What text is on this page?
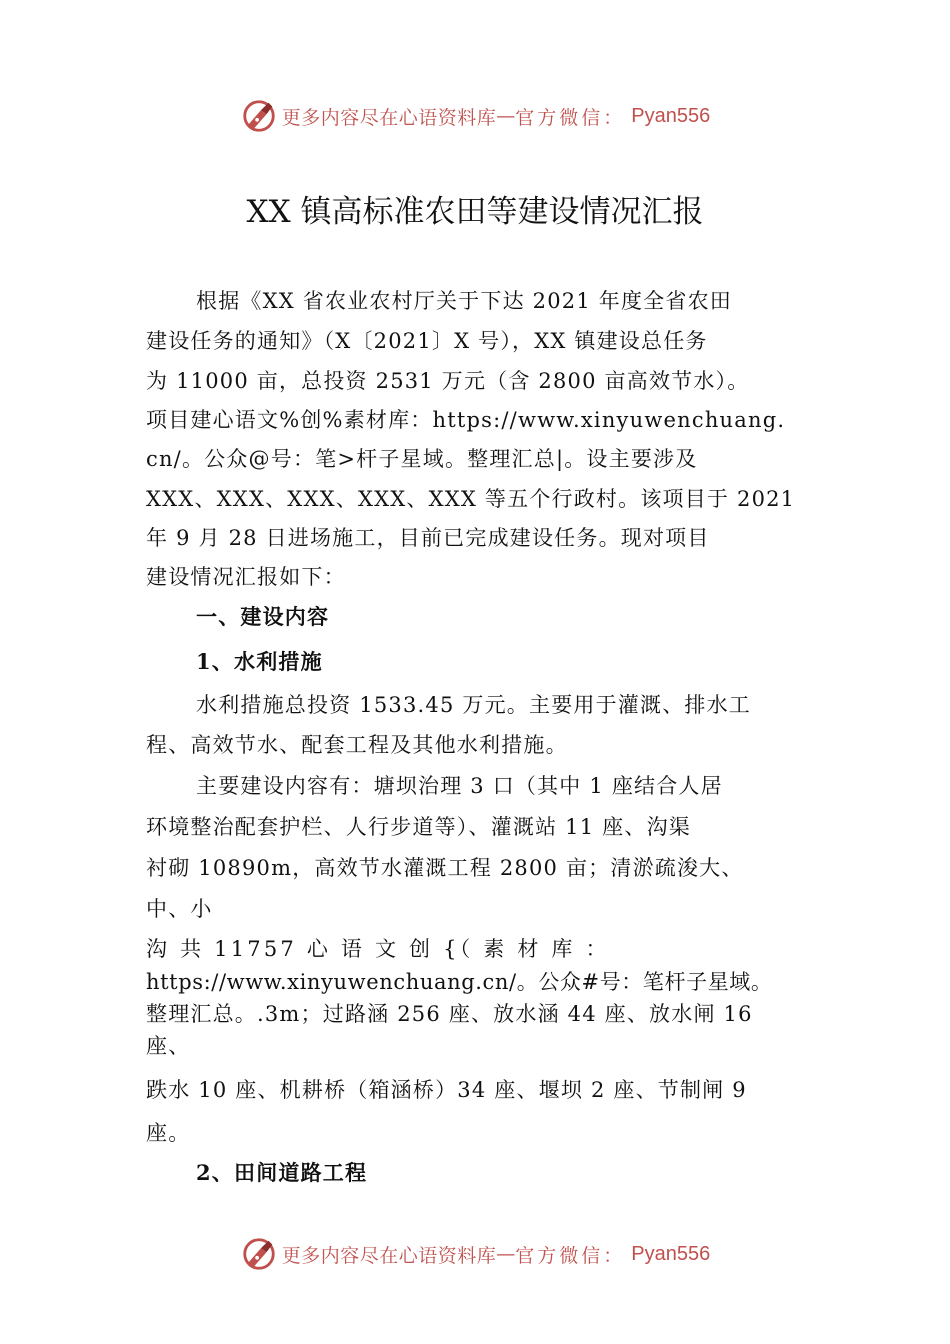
更多内容尽在心语资料库 — 官方微信： Pyan556
XX 镇高标准农田等建设情况汇报
根据《XX 省农业农村厅关于下达 2021 年度全省农田
建设任务的通知》（X〔2021〕X 号），XX 镇建设总任务
为 11000 亩，总投资 2531 万元（含 2800 亩高效节水）。
项目建心语文%创%素材库：https://www.xinyuwenchuang.
cn/。公众@号：笔>杆子星域。整理汇总|。设主要涉及
XXX、XXX、XXX、XXX、XXX 等五个行政村。该项目于 2021
年 9 月 28 日进场施工，目前已完成建设任务。现对项目
建设情况汇报如下：
一、建设内容
1、水利措施
水利措施总投资 1533.45 万元。主要用于灌溉、排水工
程、高效节水、配套工程及其他水利措施。
主要建设内容有：塘坝治理 3 口（其中 1 座结合人居
环境整治配套护栏、人行步道等）、灌溉站 11 座、沟渠
衬砌 10890m，高效节水灌溉工程 2800 亩；清淤疏浚大、
中、小
沟 共 11757 心 语 文 创 {（ 素 材 库 ：
https://www.xinyuwenchuang.cn/。公众#号：笔杆子星域。
整理汇总。.3m；过路涵 256 座、放水涵 44 座、放水闸 16
座、
跌水 10 座、机耕桥（箱涵桥）34 座、堰坝 2 座、节制闸 9
座。
2、田间道路工程
更多内容尽在心语资料库 — 官方微信： Pyan556
